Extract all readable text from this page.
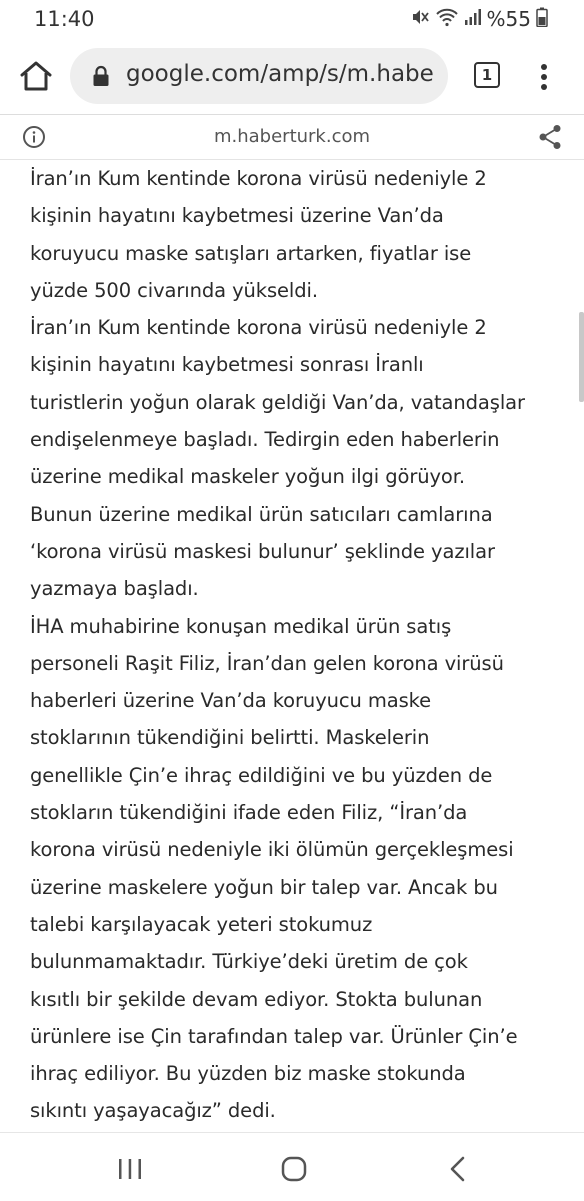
11:40	%55
google.com/amp/s/m.habe	1
m.haberturk.com

İran’ın Kum kentinde korona virüsü nedeniyle 2
kişinin hayatını kaybetmesi üzerine Van’da
koruyucu maske satışları artarken, fiyatlar ise
yüzde 500 civarında yükseldi.

İran’ın Kum kentinde korona virüsü nedeniyle 2
kişinin hayatını kaybetmesi sonrası İranlı
turistlerin yoğun olarak geldiği Van’da, vatandaşlar
endişelenmeye başladı. Tedirgin eden haberlerin
üzerine medikal maskeler yoğun ilgi görüyor.
Bunun üzerine medikal ürün satıcıları camlarına
‘korona virüsü maskesi bulunur’ şeklinde yazılar
yazmaya başladı.

İHA muhabirine konuşan medikal ürün satış
personeli Raşit Filiz, İran’dan gelen korona virüsü
haberleri üzerine Van’da koruyucu maske
stoklarının tükendiğini belirtti. Maskelerin
genellikle Çin’e ihraç edildiğini ve bu yüzden de
stokların tükendiğini ifade eden Filiz, “İran’da
korona virüsü nedeniyle iki ölümün gerçekleşmesi
üzerine maskelere yoğun bir talep var. Ancak bu
talebi karşılayacak yeteri stokumuz
bulunmamaktadır. Türkiye’deki üretim de çok
kısıtlı bir şekilde devam ediyor. Stokta bulunan
ürünlere ise Çin tarafından talep var. Ürünler Çin’e
ihraç ediliyor. Bu yüzden biz maske stokunda
sıkıntı yaşayacağız” dedi.
